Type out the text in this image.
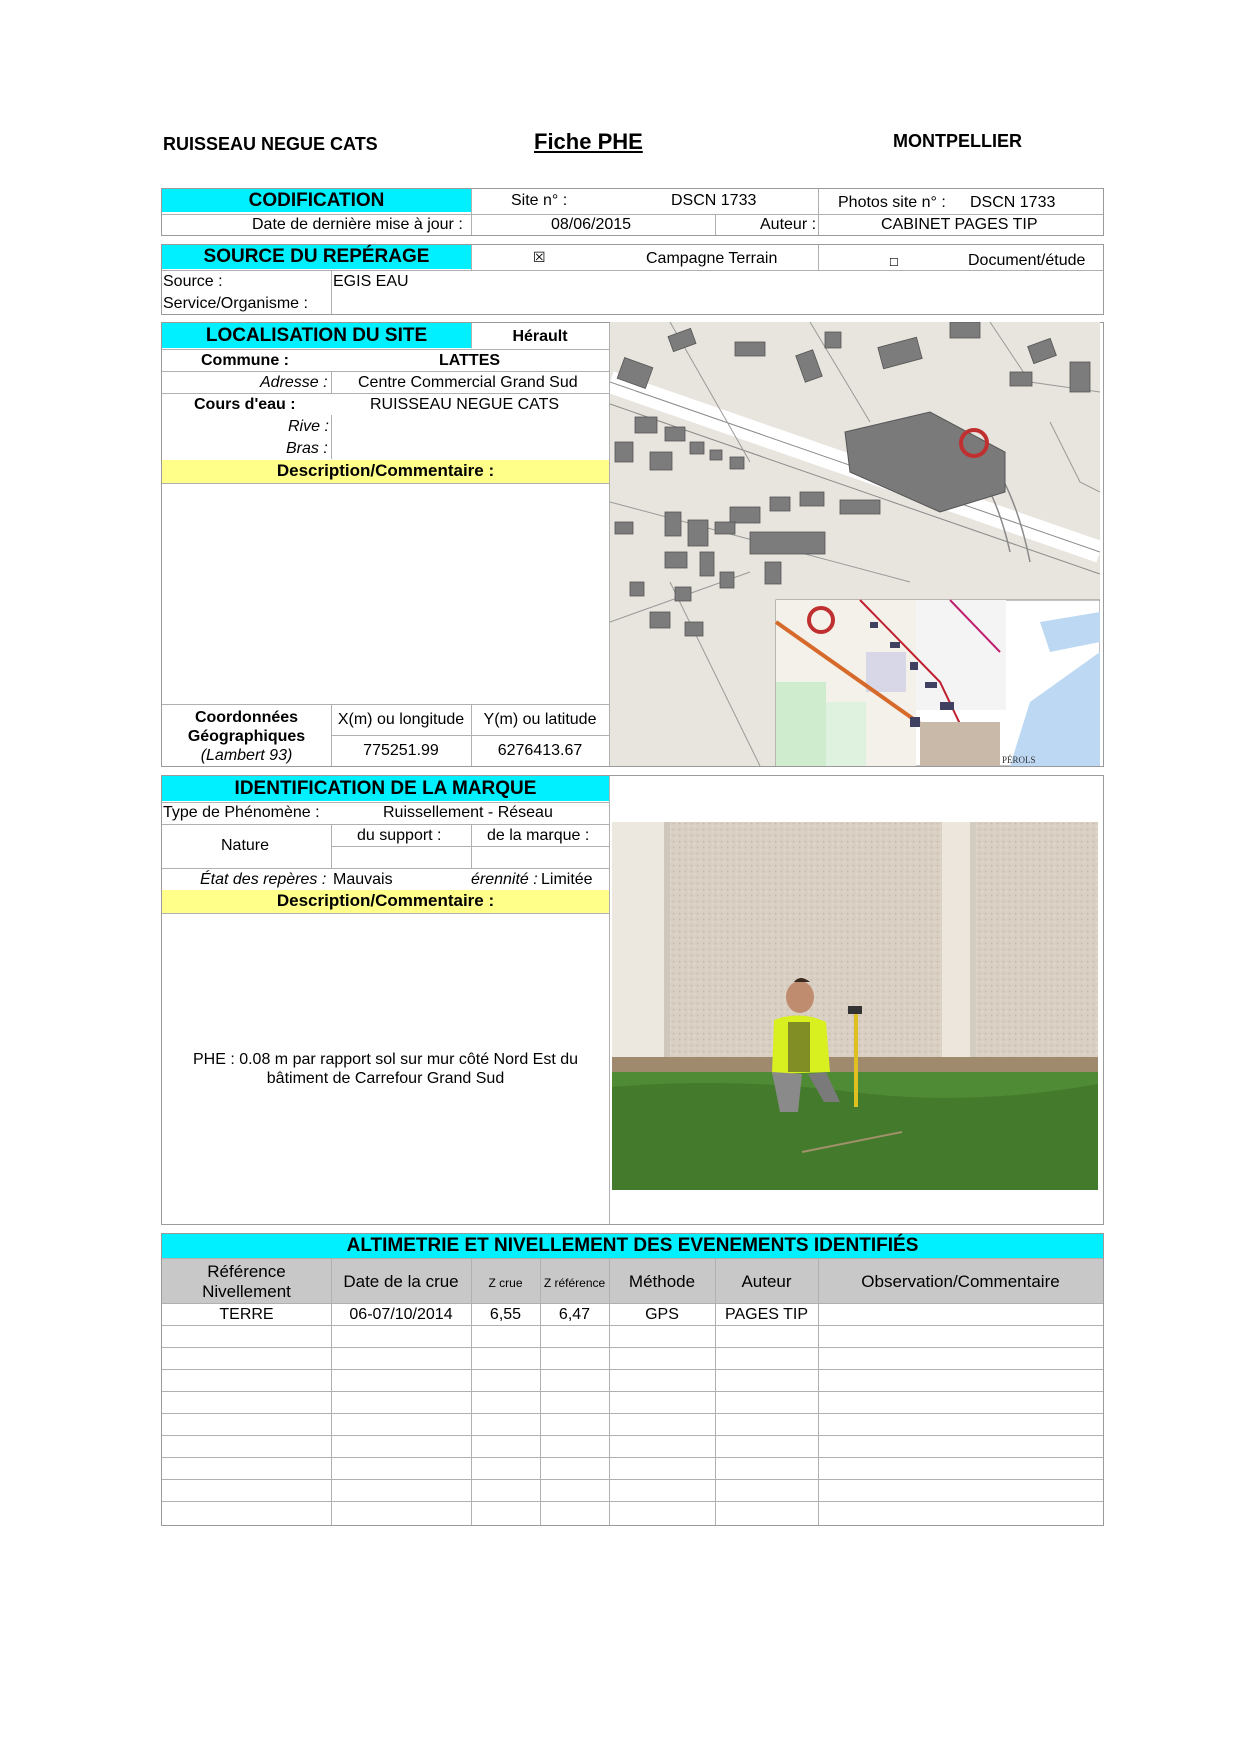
RUISSEAU NEGUE CATS	Fiche PHE	MONTPELLIER
CODIFICATION	Site n° :	DSCN 1733	Photos site n° : DSCN 1733
Date de dernière mise à jour :	08/06/2015	Auteur :	CABINET PAGES TIP
SOURCE DU REPÉRAGE	☒	Campagne Terrain	☐	Document/étude
Source :	EGIS EAU
Service/Organisme :
LOCALISATION DU SITE	Hérault
Commune :	LATTES
Adresse : Centre Commercial Grand Sud
Cours d'eau :	RUISSEAU NEGUE CATS
Rive :
Bras :
Description/Commentaire :
Coordonnées
Géographiques
(Lambert 93)
X(m) ou longitude	Y(m) ou latitude
775251.99	6276413.67
PÉROLS
IDENTIFICATION DE LA MARQUE
Type de Phénomène :	Ruissellement - Réseau
Nature
du support :	de la marque :
État des repères : Mauvais	érennité : Limitée
Description/Commentaire :
PHE : 0.08 m par rapport sol sur mur côté Nord Est du
bâtiment de Carrefour Grand Sud
ALTIMETRIE ET NIVELLEMENT DES EVENEMENTS IDENTIFIÉS
Référence
Nivellement
Date de la crue	Z crue	Z référence	Méthode	Auteur	Observation/Commentaire
TERRE	06-07/10/2014	6,55	6,47	GPS	PAGES TIP
